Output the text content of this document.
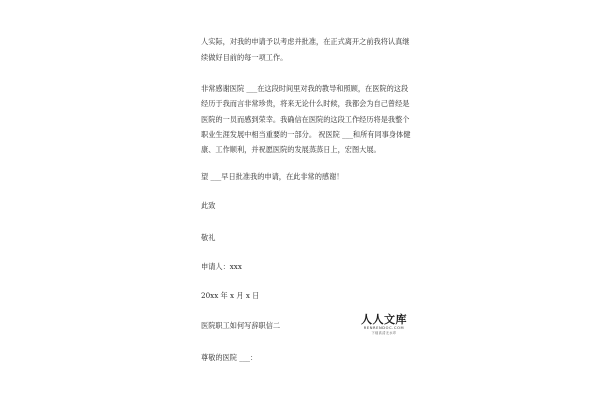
人实际，对我的申请予以考虑并批准，在正式离开之前我将认真继
续做好目前的每一项工作。
非常感谢医院 ___在这段时间里对我的教导和照顾，在医院的这段
经历于我而言非常珍贵，将来无论什么时候，我都会为自己曾经是
医院的一员而感到荣幸。我确信在医院的这段工作经历将是我整个
职业生涯发展中相当重要的一部分。 祝医院 ___和所有同事身体健
康、工作顺利，并祝愿医院的发展蒸蒸日上，宏图大展。
望 ___早日批准我的申请，在此非常的感谢！
此致
敬礼
申请人：xxx
20xx 年 x 月 x 日
医院职工如何写辞职信二
尊敬的医院 ___：
人人文库
RENRENDOC.COM
下载高清无水印
